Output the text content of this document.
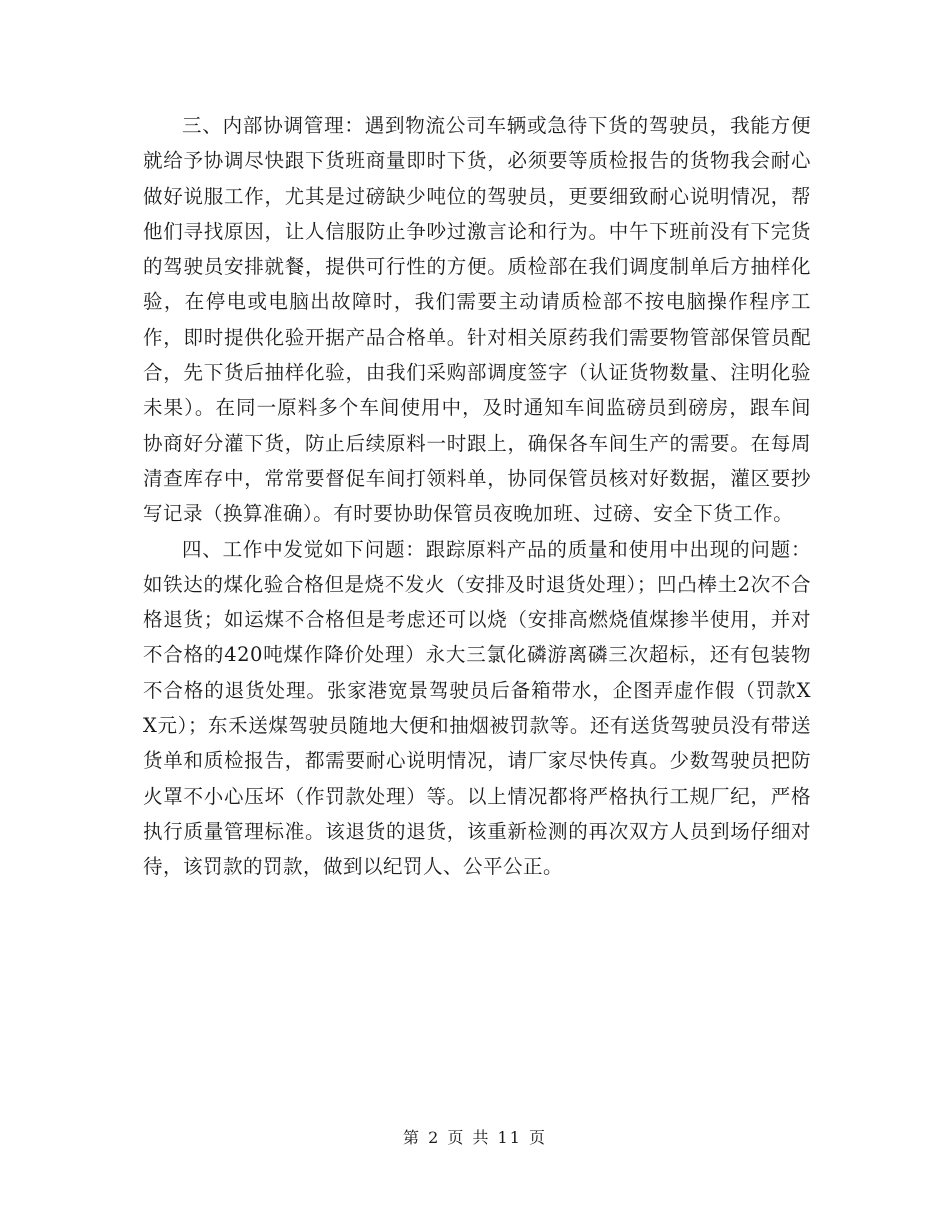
三、内部协调管理：遇到物流公司车辆或急待下货的驾驶员，我能方便就给予协调尽快跟下货班商量即时下货，必须要等质检报告的货物我会耐心做好说服工作，尤其是过磅缺少吨位的驾驶员，更要细致耐心说明情况，帮他们寻找原因，让人信服防止争吵过激言论和行为。中午下班前没有下完货的驾驶员安排就餐，提供可行性的方便。质检部在我们调度制单后方抽样化验，在停电或电脑出故障时，我们需要主动请质检部不按电脑操作程序工作，即时提供化验开据产品合格单。针对相关原药我们需要物管部保管员配合，先下货后抽样化验，由我们采购部调度签字（认证货物数量、注明化验未果）。在同一原料多个车间使用中，及时通知车间监磅员到磅房，跟车间协商好分灌下货，防止后续原料一时跟上，确保各车间生产的需要。在每周清查库存中，常常要督促车间打领料单，协同保管员核对好数据，灌区要抄写记录（换算准确）。有时要协助保管员夜晚加班、过磅、安全下货工作。

四、工作中发觉如下问题：跟踪原料产品的质量和使用中出现的问题：如铁达的煤化验合格但是烧不发火（安排及时退货处理）；凹凸棒土2次不合格退货；如运煤不合格但是考虑还可以烧（安排高燃烧值煤掺半使用，并对不合格的420吨煤作降价处理）永大三氯化磷游离磷三次超标，还有包装物不合格的退货处理。张家港宽景驾驶员后备箱带水，企图弄虚作假（罚款XX元）；东禾送煤驾驶员随地大便和抽烟被罚款等。还有送货驾驶员没有带送货单和质检报告，都需要耐心说明情况，请厂家尽快传真。少数驾驶员把防火罩不小心压坏（作罚款处理）等。以上情况都将严格执行工规厂纪，严格执行质量管理标准。该退货的退货，该重新检测的再次双方人员到场仔细对待，该罚款的罚款，做到以纪罚人、公平公正。

第 2 页 共 11 页
